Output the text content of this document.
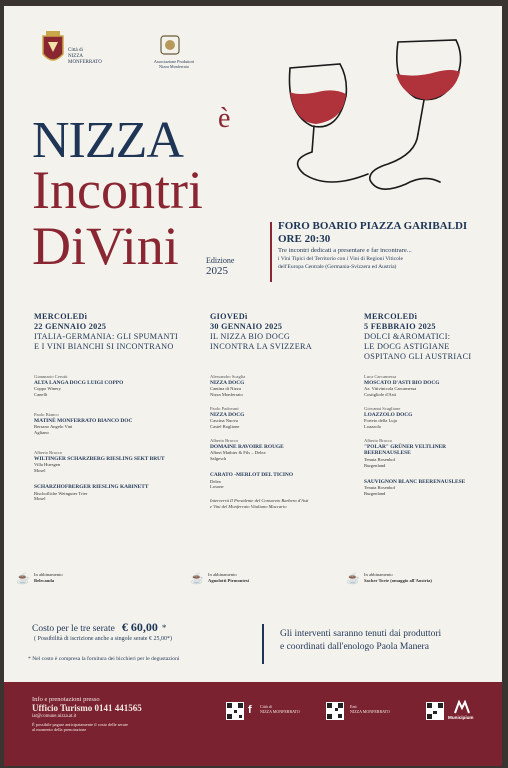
Città di
NIZZA
MONFERRATO	Associazione Produttori
Nizza Monferrato
NIZZA è
Incontri
DiVini	Edizione
2025
FORO BOARIO PIAZZA GARIBALDI
ORE 20:30
Tre incontri dedicati a presentare e far incontrare...
i Vini Tipici del Territorio con i Vini di Regioni Viticole
dell'Europa Centrale (Germania-Svizzera ed Austria)
MERCOLEDì
22 GENNAIO 2025
ITALIA-GERMANIA: GLI SPUMANTI
E I VINI BIANCHI SI INCONTRANO
Gianmario Cerutti
ALTA LANGA DOCG LUIGI COPPO
Coppo Winery
Canelli
Paolo Bianco
MATINÈ MONFERRATO BIANCO DOC
Bersano Angelo Vini
Agliano
Alberto Bracco
WILTINGER SCHARZBERG RIESLING SEKT BRUT
Villa Huesgen
Mosel
SCHARZHOFBERGER RIESLING KABINETT
Bischofliche Weinguter Trier
Mosel
GIOVEDì
30 GENNAIO 2025
IL NIZZA BIO DOCG
INCONTRA LA SVIZZERA
Alessandro Scaglia
NIZZA DOCG
Cantina di Nizza
Nizza Monferrato
Paolo Padovani
NIZZA DOCG
Cascina Nuova
Castel Boglione
Alberto Bracco
DOMAINE RAVOIRE ROUGE
Albert Mathier & Fils – Delea
Salgesch
CARATO -MERLOT DEL TICINO
Delea
Losone
Interverrà Il Presidente del Consorzio Barbera d'Asti
e Vini del Monferrato Vitaliano Maccario
MERCOLEDì
5 FEBBRAIO 2025
DOLCI &AROMATICI:
LE DOCG ASTIGIANE
OSPITANO GLI AUSTRIACI
Luca Carcamessa
MOSCATO D'ASTI BIO DOCG
Az. Vitivinicola Carcamessa
Costigliole d'Asti
Giovanni Scaglione
LOAZZOLO DOCG
Forteto della Luja
Loazzolo
Alberto Bracco
"POLAR" GRÜNER VELTLINER
BEERENAUSLESE
Tenuta Rosenhof
Burgenland
SAUVIGNON BLANC BEERENAUSLESE
Tenuta Rosenhof
Burgenland
☕ In abbinamento
Belecauda	☕ In abbinamento
Agnolotti Pirmontesi	☕ In abbinamento
Sacher Torte (omaggio all'Austria)
Costo per le tre serate € 60,00 *
( Possibilità di iscrizione anche a singole serate € 25,00*)
* Nel costo è compresa la fornitura dei bicchieri per le degustazioni
Gli interventi saranno tenuti dai produttori
e coordinati dall'enologo Paola Manera
Info e prenotazioni presso
Ufficio Turismo 0141 441565
iat@comune.nizza.at.it
È possibile pagare anticipatamente il costo delle serate
al momento della prenotazione
f	Città di
NIZZA MONFERRATO
Enti
NIZZA MONFERRATO
Municipium
